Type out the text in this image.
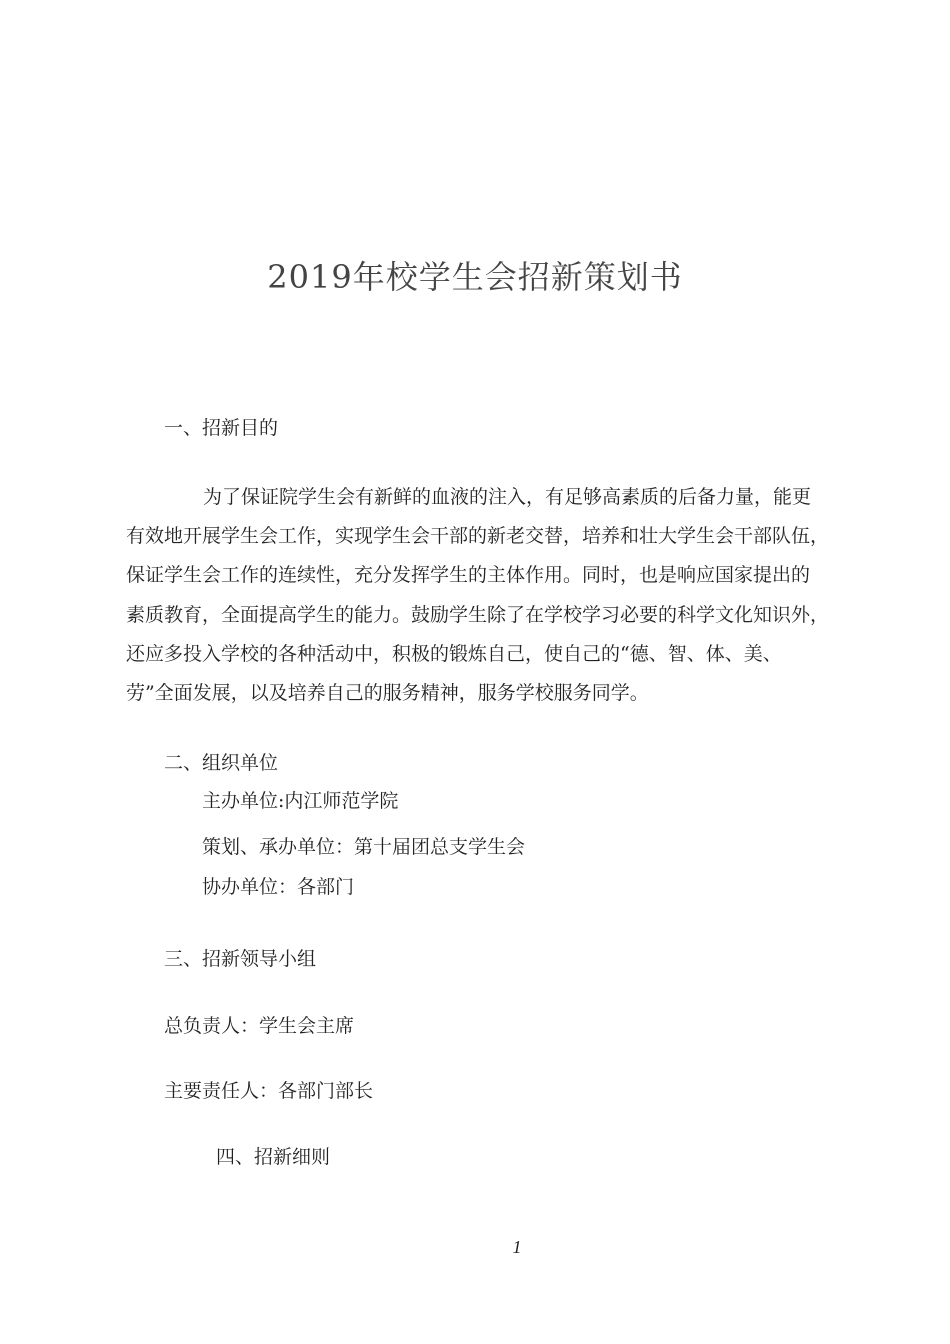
2019年校学生会招新策划书
一、招新目的
为了保证院学生会有新鲜的血液的注入，有足够高素质的后备力量，能更
有效地开展学生会工作，实现学生会干部的新老交替，培养和壮大学生会干部队伍，
保证学生会工作的连续性，充分发挥学生的主体作用。同时，也是响应国家提出的
素质教育，全面提高学生的能力。鼓励学生除了在学校学习必要的科学文化知识外，
还应多投入学校的各种活动中，积极的锻炼自己，使自己的“德、智、体、美、
劳”全面发展，以及培养自己的服务精神，服务学校服务同学。
二、组织单位
主办单位:内江师范学院
策划、承办单位：第十届团总支学生会
协办单位：各部门
三、招新领导小组
总负责人：学生会主席
主要责任人：各部门部长
四、招新细则
1
